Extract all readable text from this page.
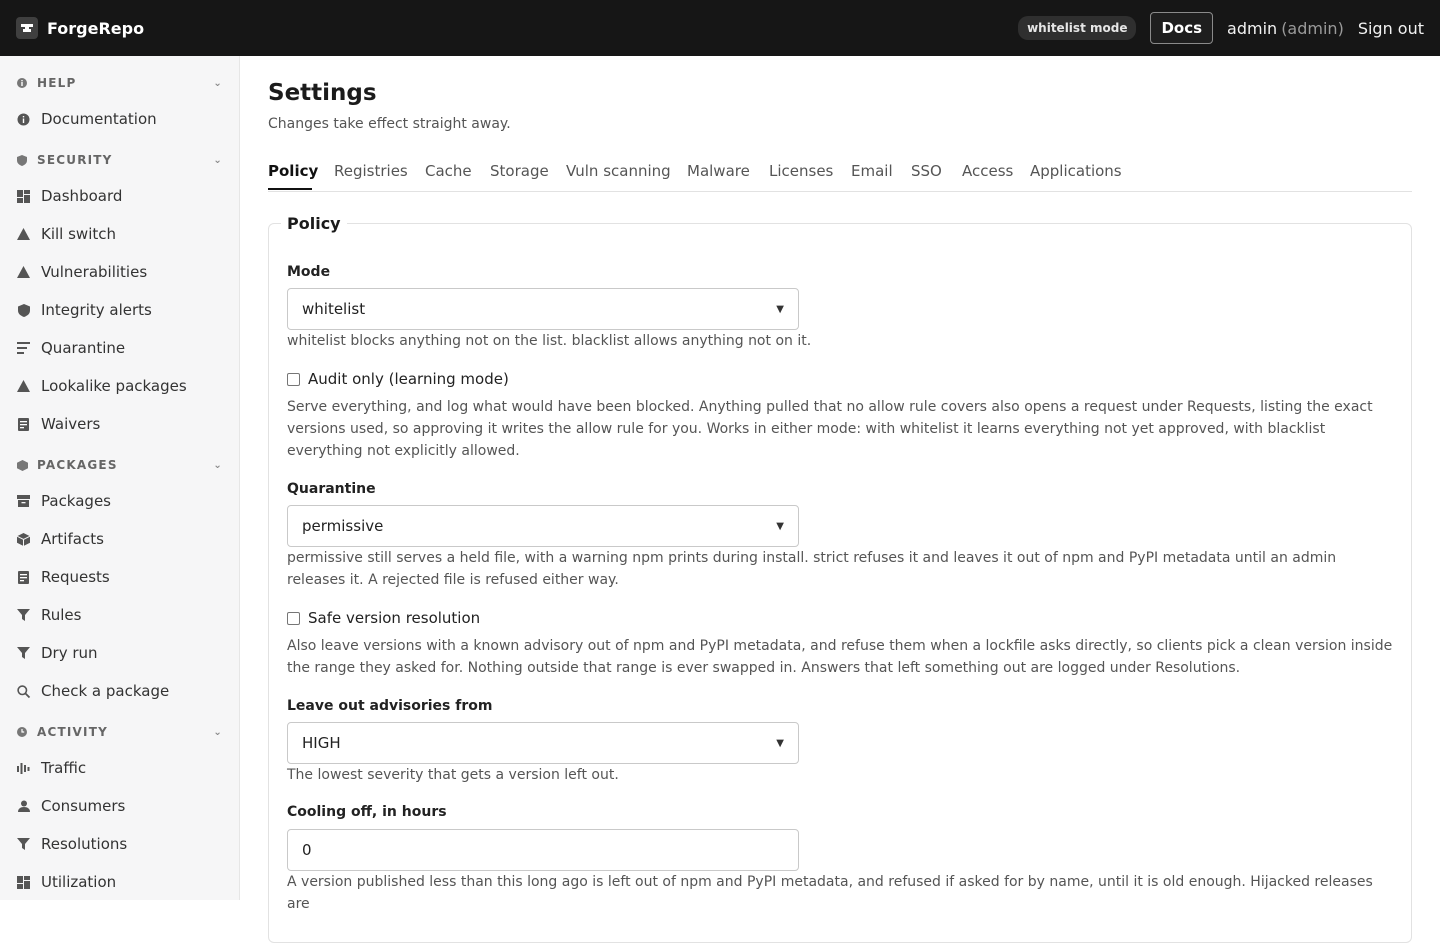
ForgeRepo	whitelist mode	Docs	admin (admin) Sign out
HELP	⌄
Documentation
SECURITY	⌄
Dashboard
Kill switch
Vulnerabilities
Integrity alerts
Quarantine
Lookalike packages
Waivers
PACKAGES	⌄
Packages
Artifacts
Requests
Rules
Dry run
Check a package
ACTIVITY	⌄
Traffic
Consumers
Resolutions
Utilization
Settings
Changes take effect straight away.
Policy Registries Cache Storage Vuln scanning Malware Licenses Email SSO Access Applications
Policy
Mode
whitelist	▼
whitelist blocks anything not on the list. blacklist allows anything not on it.
Audit only (learning mode)
Serve everything, and log what would have been blocked. Anything pulled that no allow rule covers also opens a request under Requests, listing the exact versions used, so approving it writes the allow rule for you. Works in either mode: with whitelist it learns everything not yet approved, with blacklist everything not explicitly allowed.
Quarantine
permissive	▼
permissive still serves a held file, with a warning npm prints during install. strict refuses it and leaves it out of npm and PyPI metadata until an admin releases it. A rejected file is refused either way.
Safe version resolution
Also leave versions with a known advisory out of npm and PyPI metadata, and refuse them when a lockfile asks directly, so clients pick a clean version inside the range they asked for. Nothing outside that range is ever swapped in. Answers that left something out are logged under Resolutions.
Leave out advisories from
HIGH	▼
The lowest severity that gets a version left out.
Cooling off, in hours
0
A version published less than this long ago is left out of npm and PyPI metadata, and refused if asked for by name, until it is old enough. Hijacked releases are
